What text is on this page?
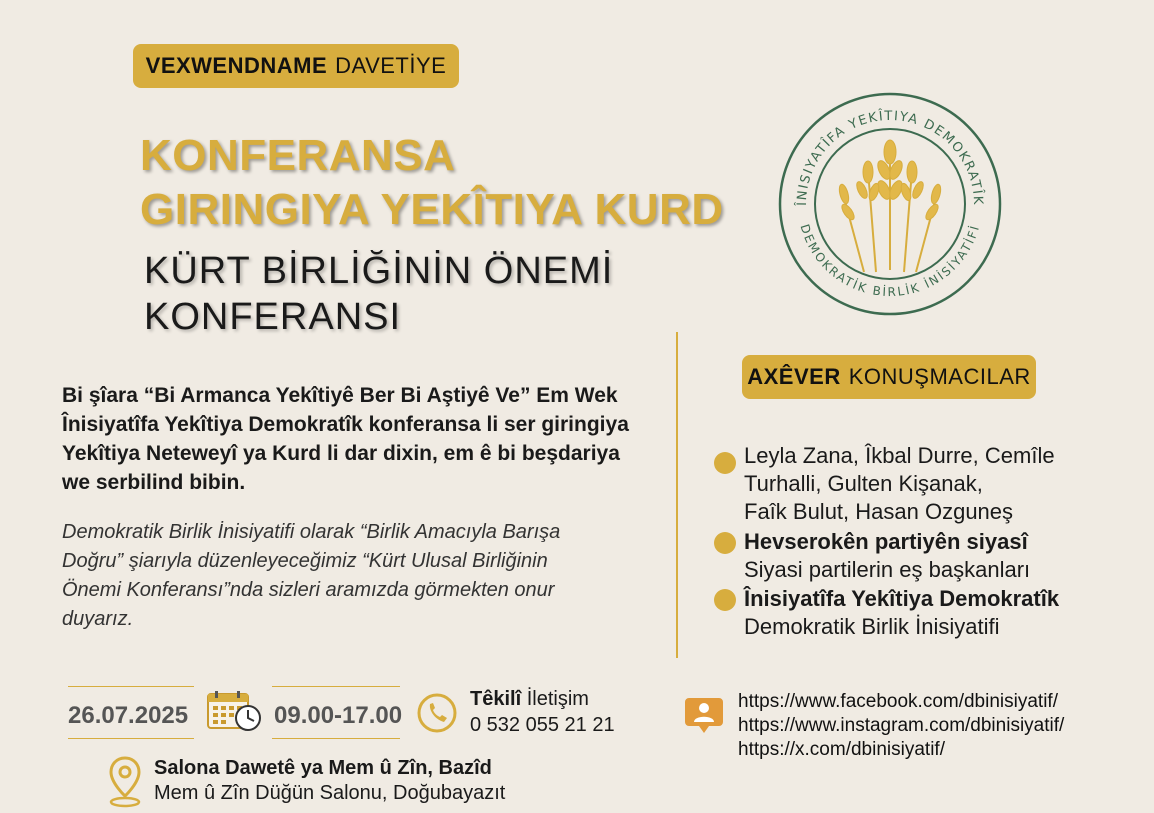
VEXWENDNAME DAVETİYE
KONFERANSA
GIRINGIYA YEKÎTIYA KURD
KÜRT BİRLİĞİNİN ÖNEMİ
KONFERANSI
ÎNISIYATÎFA YEKÎTIYA DEMOKRATÎK
DEMOKRATİK BİRLİK İNİSİYATİFİ
Bi şîara “Bi Armanca Yekîtiyê Ber Bi Aştiyê Ve” Em Wek Înisiyatîfa Yekîtiya Demokratîk konferansa li ser giringiya Yekîtiya Neteweyî ya Kurd li dar dixin, em ê bi beşdariya we serbilind bibin.
Demokratik Birlik İnisiyatifi olarak “Birlik Amacıyla Barışa Doğru” şiarıyla düzenleyeceğimiz “Kürt Ulusal Birliğinin Önemi Konferansı”nda sizleri aramızda görmekten onur duyarız.
AXÊVER KONUŞMACILAR
Leyla Zana, Îkbal Durre, Cemîle
Turhalli, Gulten Kişanak,
Faîk Bulut, Hasan Ozguneş
Hevserokên partiyên siyasî
Siyasi partilerin eş başkanları
Înisiyatîfa Yekîtiya Demokratîk
Demokratik Birlik İnisiyatifi
26.07.2025	09.00-17.00
Têkilî İletişim
0 532 055 21 21
Salona Dawetê ya Mem û Zîn, Bazîd
Mem û Zîn Düğün Salonu, Doğubayazıt
https://www.facebook.com/dbinisiyatif/
https://www.instagram.com/dbinisiyatif/
https://x.com/dbinisiyatif/
